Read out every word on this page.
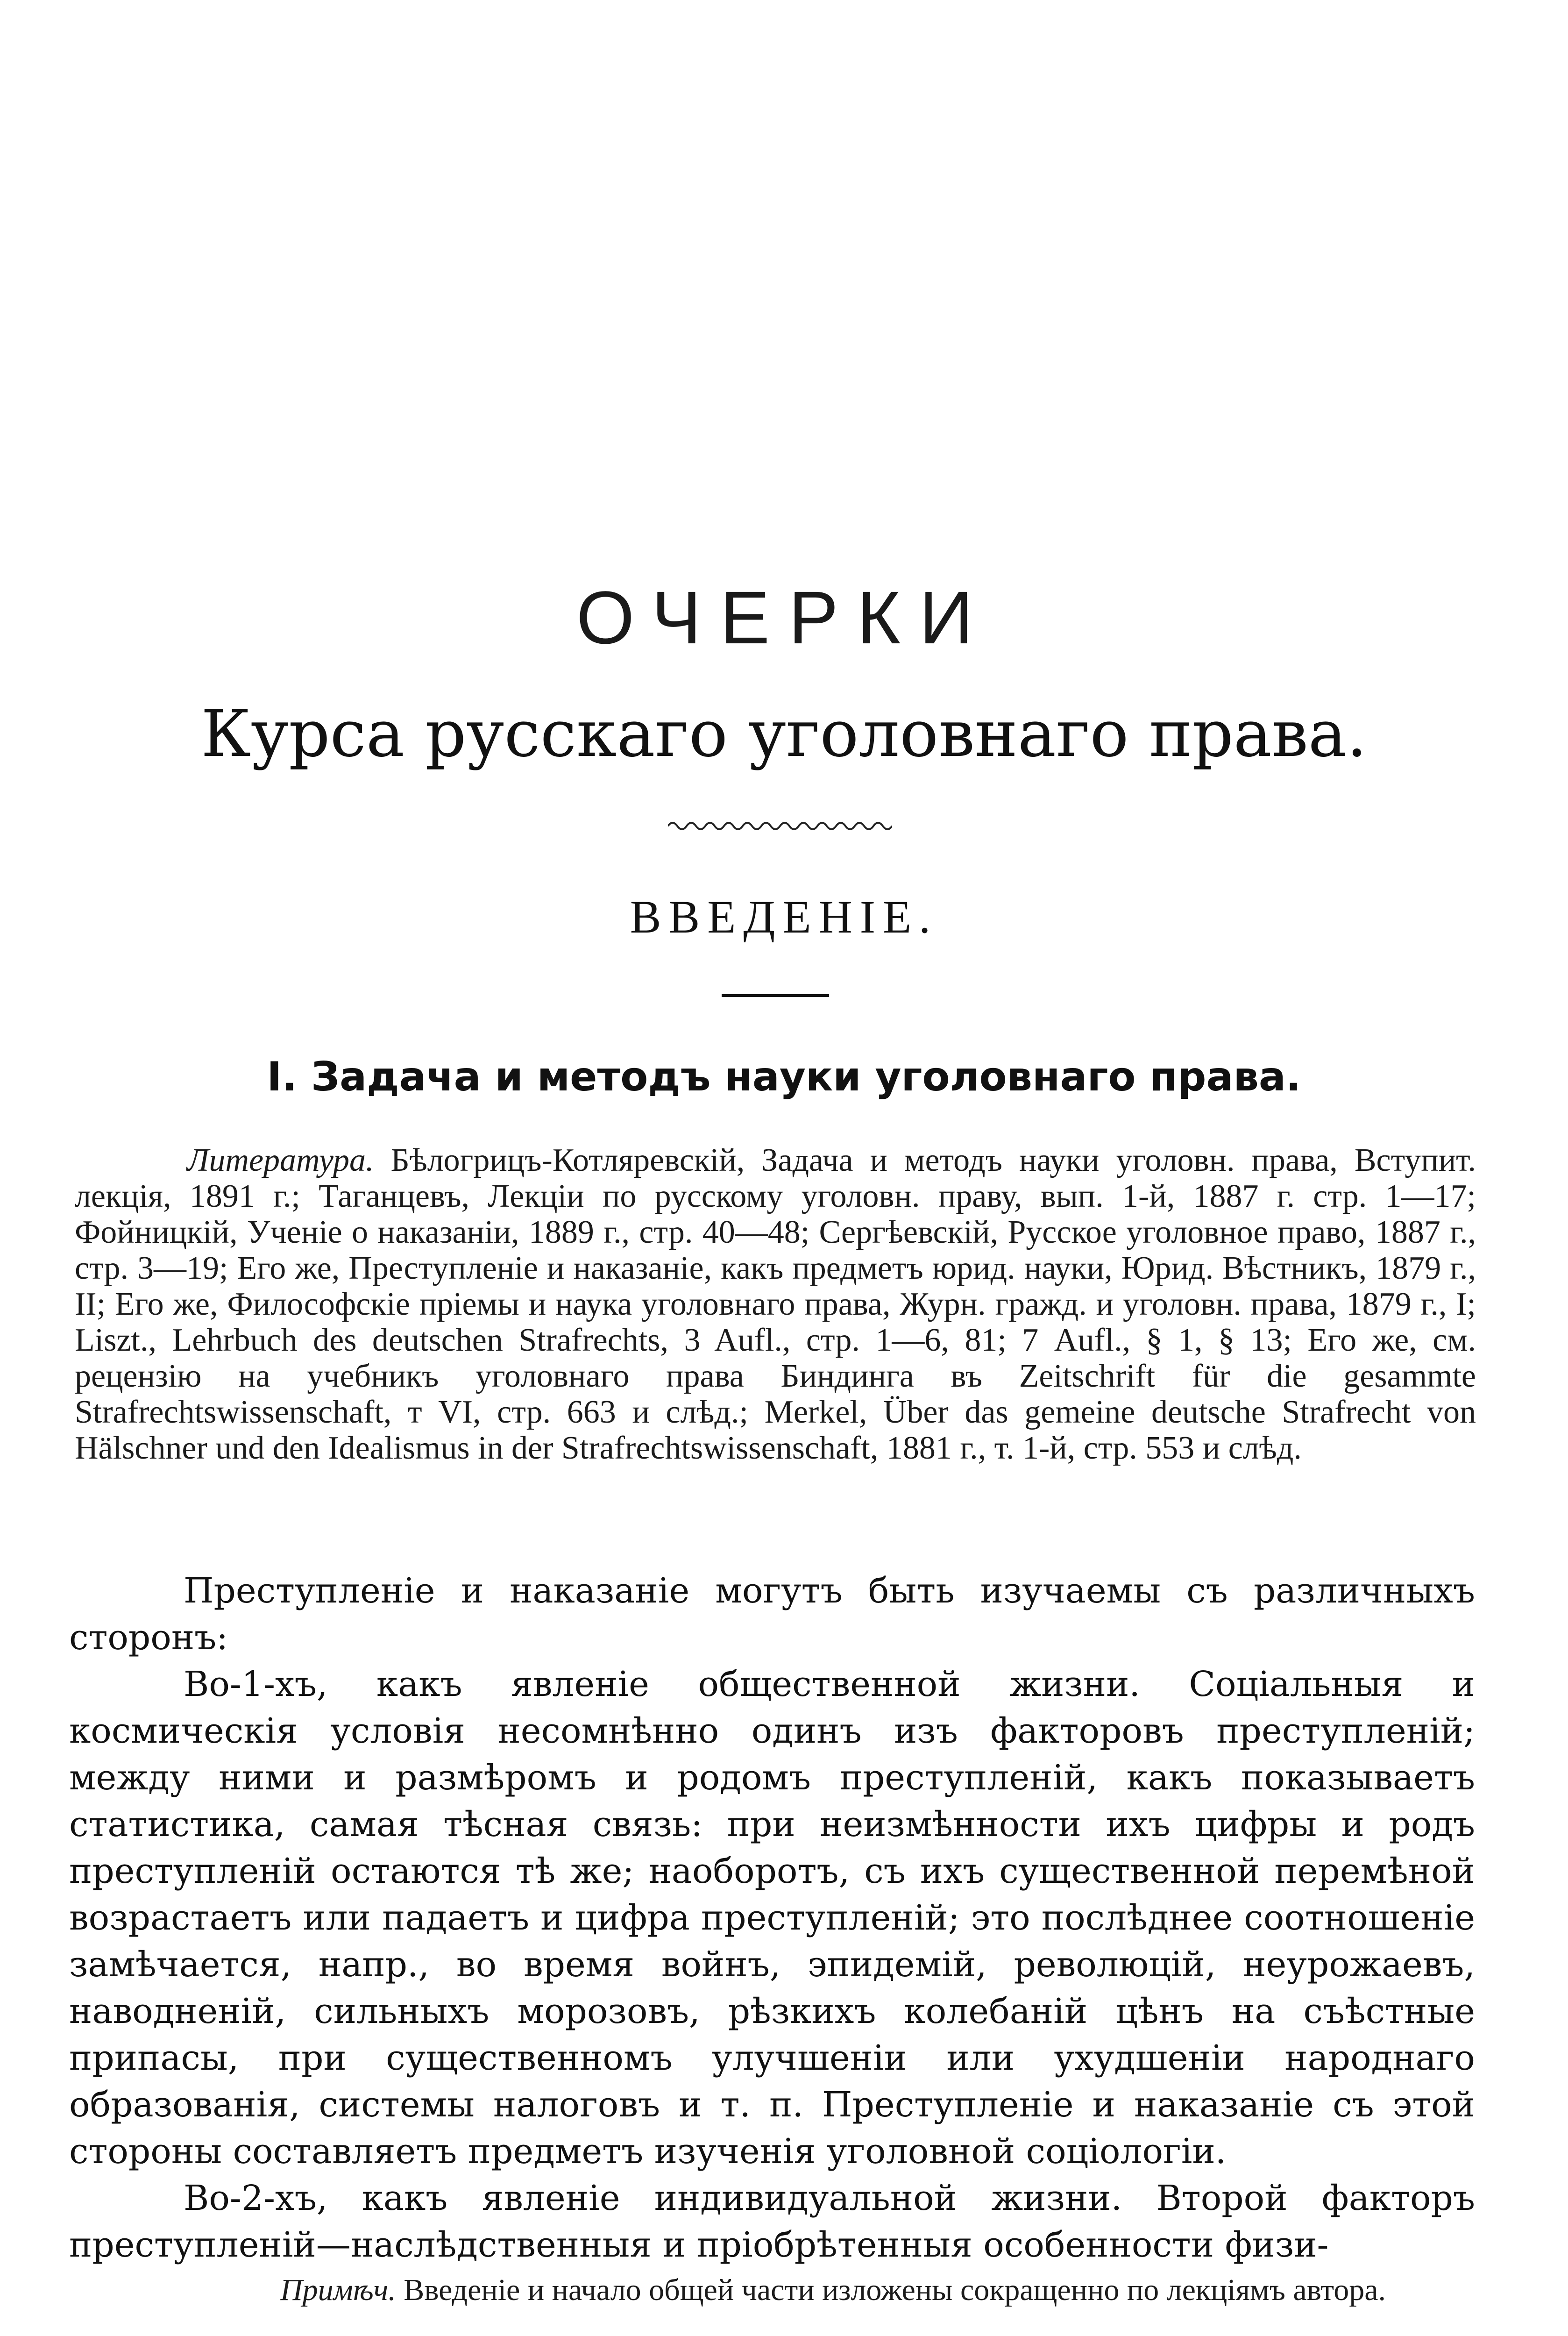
ОЧЕРКИ
Курса русскаго уголовнаго права.
ВВЕДЕНІЕ.
I. Задача и методъ науки уголовнаго права.
Литература. Бѣлогрицъ-Котляревскій, Задача и методъ науки уголовн. права, Вступит. лекція, 1891 г.; Таганцевъ, Лекціи по русскому уголовн. праву, вып. 1-й, 1887 г. стр. 1—17; Фойницкій, Ученіе о наказаніи, 1889 г., стр. 40—48; Сергѣевскій, Русское уголовное право, 1887 г., стр. 3—19; Его же, Преступленіе и наказаніе, какъ предметъ юрид. науки, Юрид. Вѣстникъ, 1879 г., II; Его же, Философскіе пріемы и наука уголовнаго права, Журн. гражд. и уголовн. права, 1879 г., I; Liszt., Lehrbuch des deutschen Strafrechts, 3 Aufl., стр. 1—6, 81; 7 Aufl., § 1, § 13; Его же, см. рецензію на учебникъ уголовнаго права Биндинга въ Zeitschrift für die gesammte Strafrechtswissenschaft, т VI, стр. 663 и слѣд.; Merkel, Über das gemeine deutsche Strafrecht von Hälschner und den Idealismus in der Strafrechtswissenschaft, 1881 г., т. 1-й, стр. 553 и слѣд.

Преступленіе и наказаніе могутъ быть изучаемы съ различныхъ сторонъ:

Во-1-хъ, какъ явленіе общественной жизни. Соціальныя и космическія условія несомнѣнно одинъ изъ факторовъ преступленій; между ними и размѣромъ и родомъ преступленій, какъ показываетъ статистика, самая тѣсная связь: при неизмѣнности ихъ цифры и родъ преступленій остаются тѣ же; наоборотъ, съ ихъ существенной перемѣной возрастаетъ или падаетъ и цифра преступленій; это послѣднее соотношеніе замѣчается, напр., во время войнъ, эпидемій, революцій, неурожаевъ, наводненій, сильныхъ морозовъ, рѣзкихъ колебаній цѣнъ на съѣстные припасы, при существенномъ улучшеніи или ухудшеніи народнаго образованія, системы налоговъ и т. п. Преступленіе и наказаніе съ этой стороны составляетъ предметъ изученія уголовной соціологіи.

Во-2-хъ, какъ явленіе индивидуальной жизни. Второй факторъ преступленій—наслѣдственныя и пріобрѣтенныя особенности физи-

Примѣч. Введеніе и начало общей части изложены сокращенно по лекціямъ автора.
